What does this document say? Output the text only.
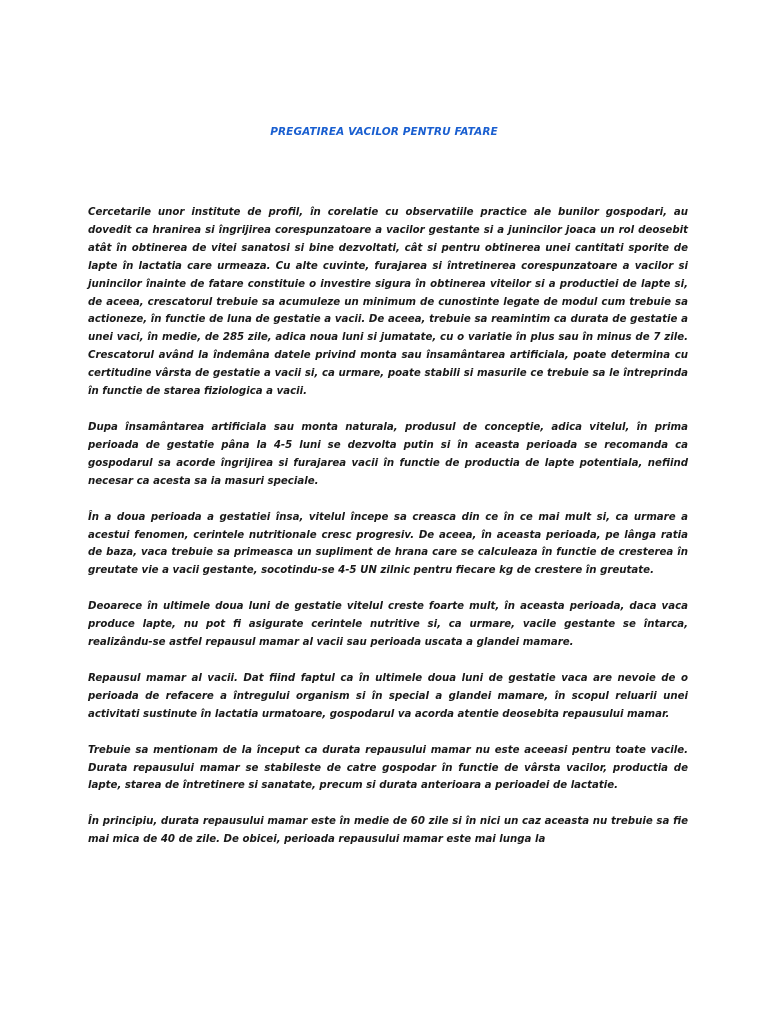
PREGATIREA VACILOR PENTRU FATARE

Cercetarile unor institute de profil, în corelatie cu observatiile practice ale bunilor gospodari, au dovedit ca hranirea si îngrijirea corespunzatoare a vacilor gestante si a junincilor joaca un rol deosebit atât în obtinerea de vitei sanatosi si bine dezvoltati, cât si pentru obtinerea unei cantitati sporite de lapte în lactatia care urmeaza. Cu alte cuvinte, furajarea si întretinerea corespunzatoare a vacilor si junincilor înainte de fatare constituie o investire sigura în obtinerea viteilor si a productiei de lapte si, de aceea, crescatorul trebuie sa acumuleze un minimum de cunostinte legate de modul cum trebuie sa actioneze, în functie de luna de gestatie a vacii. De aceea, trebuie sa reamintim ca durata de gestatie a unei vaci, în medie, de 285 zile, adica noua luni si jumatate, cu o variatie în plus sau în minus de 7 zile. Crescatorul având la îndemâna datele privind monta sau însamântarea artificiala, poate determina cu certitudine vârsta de gestatie a vacii si, ca urmare, poate stabili si masurile ce trebuie sa le întreprinda în functie de starea fiziologica a vacii.

Dupa însamântarea artificiala sau monta naturala, produsul de conceptie, adica vitelul, în prima perioada de gestatie pâna la 4-5 luni se dezvolta putin si în aceasta perioada se recomanda ca gospodarul sa acorde îngrijirea si furajarea vacii în functie de productia de lapte potentiala, nefiind necesar ca acesta sa ia masuri speciale.

În a doua perioada a gestatiei însa, vitelul începe sa creasca din ce în ce mai mult si, ca urmare a acestui fenomen, cerintele nutritionale cresc progresiv. De aceea, în aceasta perioada, pe lânga ratia de baza, vaca trebuie sa primeasca un supliment de hrana care se calculeaza în functie de cresterea în greutate vie a vacii gestante, socotindu-se 4-5 UN zilnic pentru fiecare kg de crestere în greutate.

Deoarece în ultimele doua luni de gestatie vitelul creste foarte mult, în aceasta perioada, daca vaca produce lapte, nu pot fi asigurate cerintele nutritive si, ca urmare, vacile gestante se întarca, realizându-se astfel repausul mamar al vacii sau perioada uscata a glandei mamare.

Repausul mamar al vacii. Dat fiind faptul ca în ultimele doua luni de gestatie vaca are nevoie de o perioada de refacere a întregului organism si în special a glandei mamare, în scopul reluarii unei activitati sustinute în lactatia urmatoare, gospodarul va acorda atentie deosebita repausului mamar.

Trebuie sa mentionam de la început ca durata repausului mamar nu este aceeasi pentru toate vacile. Durata repausului mamar se stabileste de catre gospodar în functie de vârsta vacilor, productia de lapte, starea de întretinere si sanatate, precum si durata anterioara a perioadei de lactatie.

În principiu, durata repausului mamar este în medie de 60 zile si în nici un caz aceasta nu trebuie sa fie mai mica de 40 de zile. De obicei, perioada repausului mamar este mai lunga la
